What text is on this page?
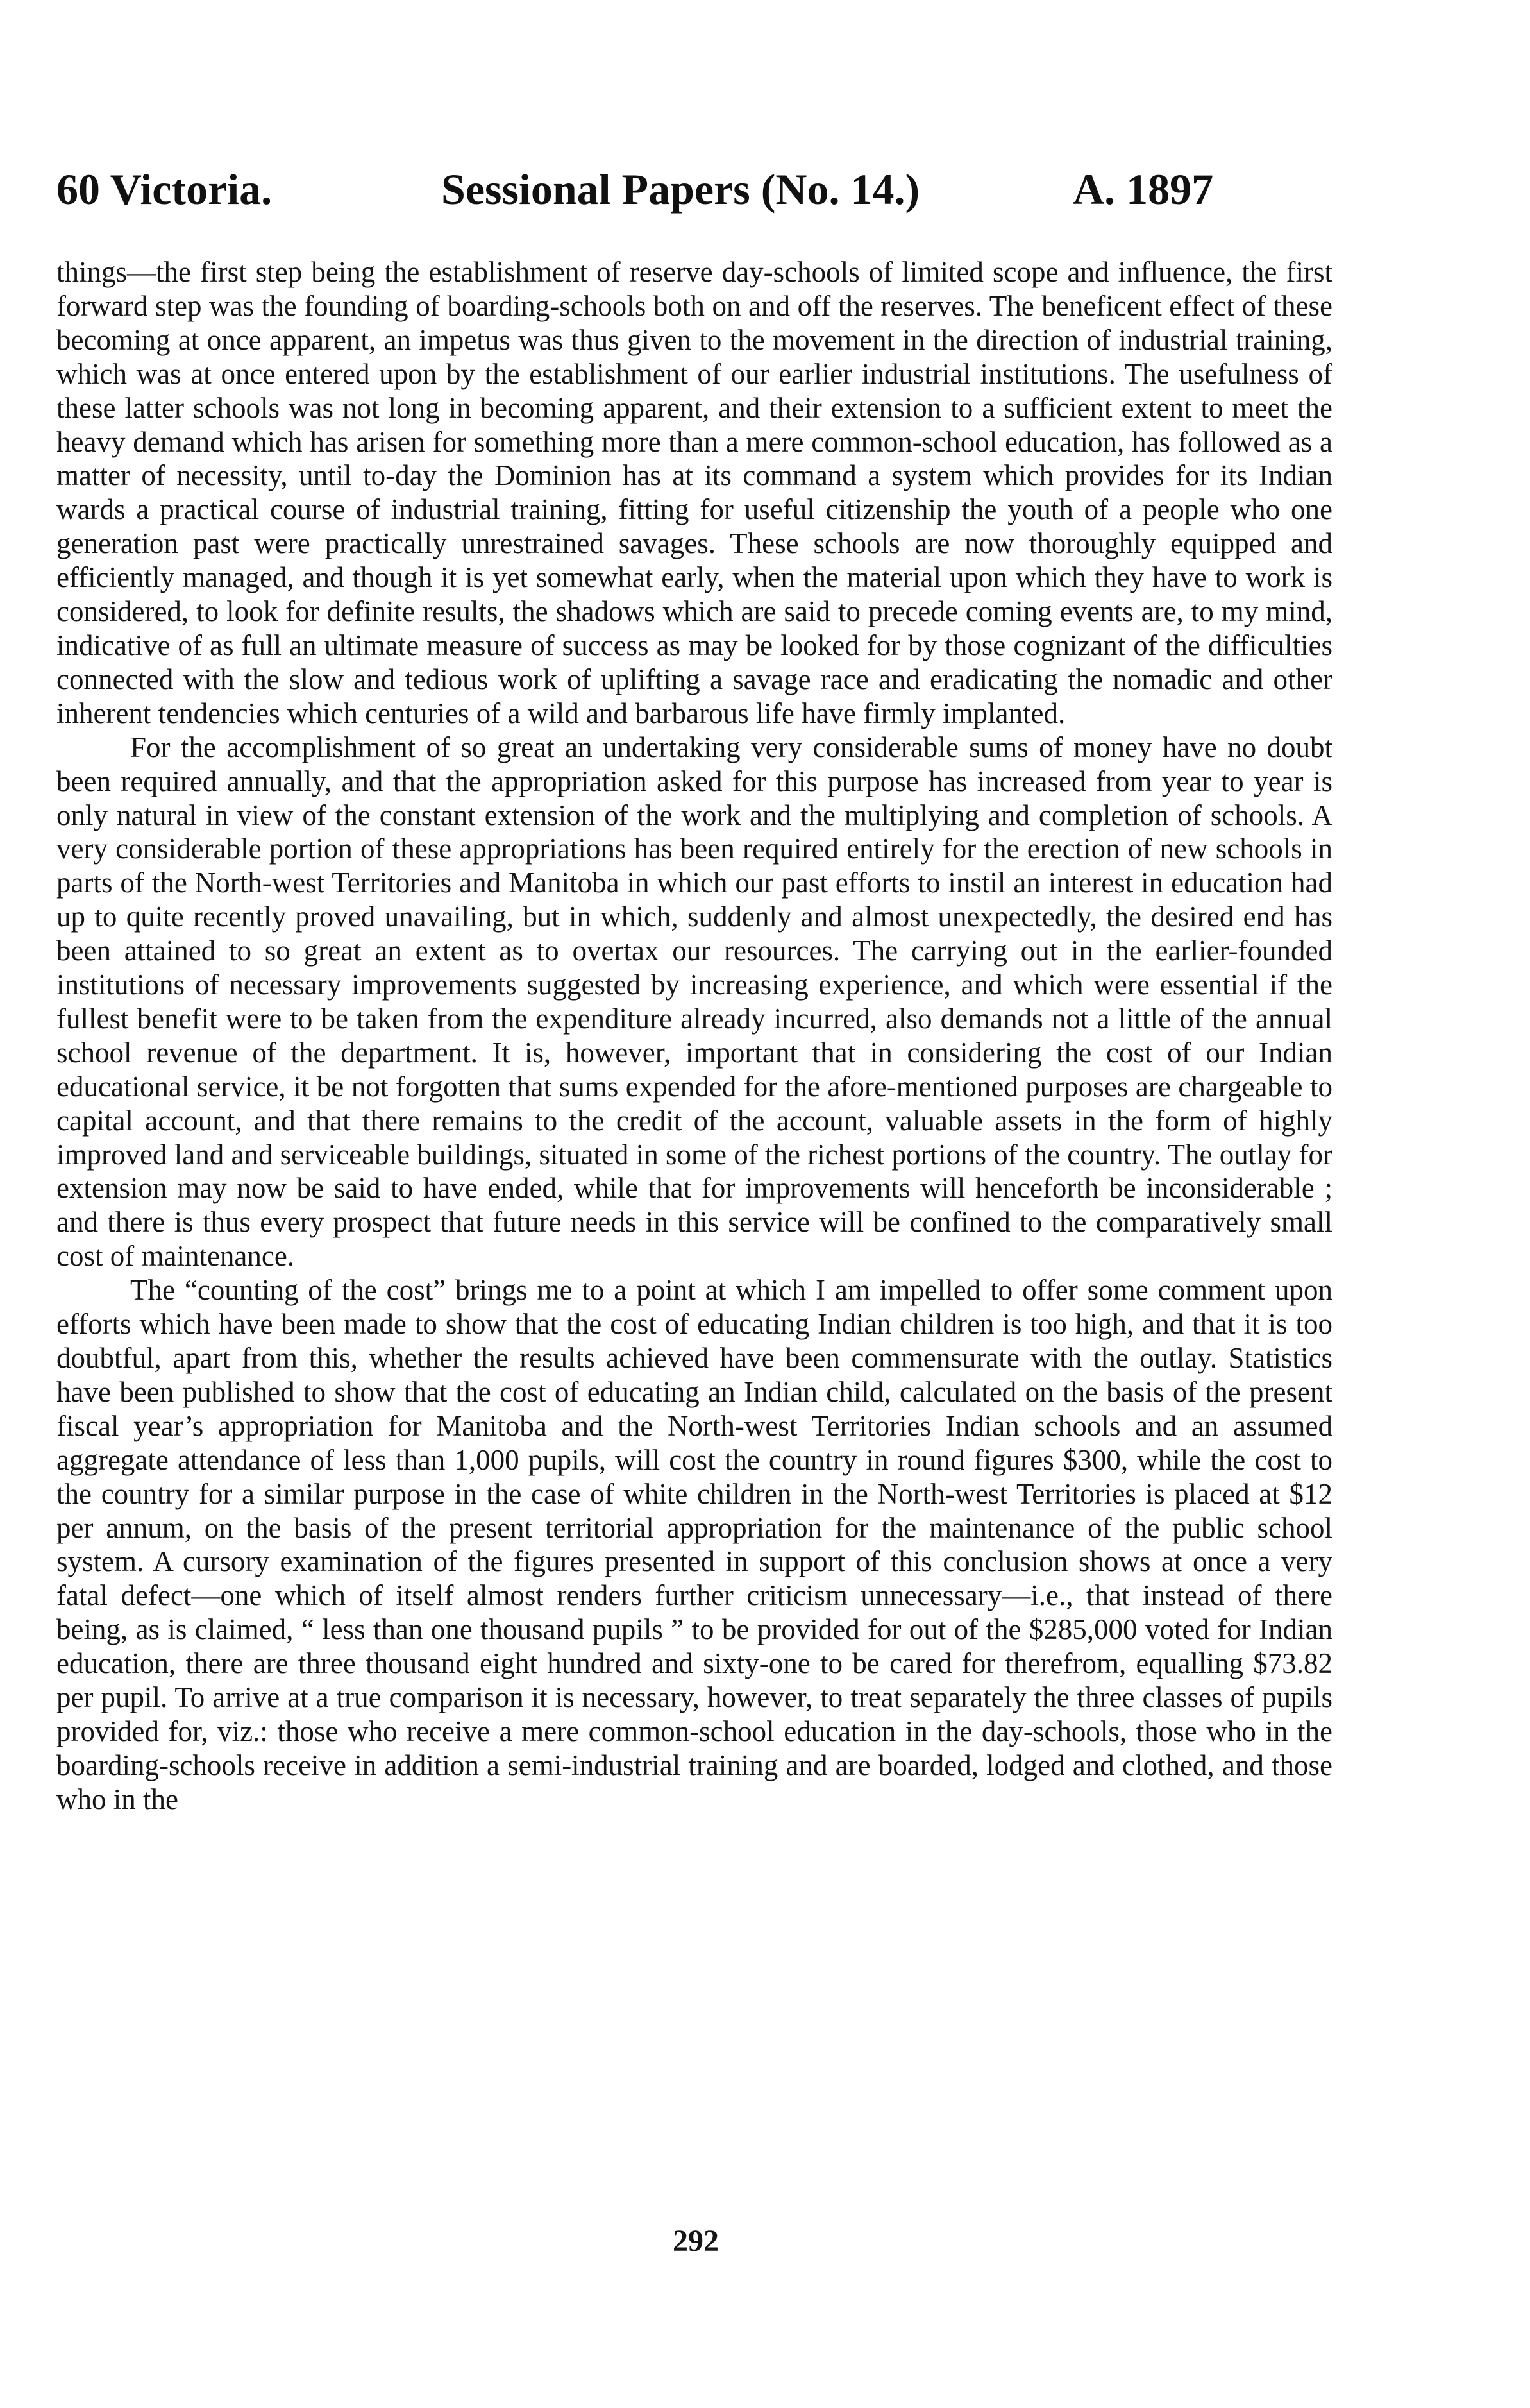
60 Victoria.	Sessional Papers (No. 14.)	A. 1897

things—the first step being the establishment of reserve day-schools of limited scope and influence, the first forward step was the founding of boarding-schools both on and off the reserves. The beneficent effect of these becoming at once apparent, an impetus was thus given to the movement in the direction of industrial training, which was at once entered upon by the establishment of our earlier industrial institutions. The usefulness of these latter schools was not long in becoming apparent, and their extension to a sufficient extent to meet the heavy demand which has arisen for something more than a mere common-school education, has followed as a matter of necessity, until to-day the Dominion has at its command a system which provides for its Indian wards a practical course of industrial training, fitting for useful citizenship the youth of a people who one generation past were practically unrestrained savages. These schools are now thoroughly equipped and efficiently managed, and though it is yet somewhat early, when the material upon which they have to work is considered, to look for definite results, the shadows which are said to precede coming events are, to my mind, indicative of as full an ultimate measure of success as may be looked for by those cognizant of the difficulties connected with the slow and tedious work of uplifting a savage race and eradicating the nomadic and other inherent tendencies which centuries of a wild and barbarous life have firmly implanted.

For the accomplishment of so great an undertaking very considerable sums of money have no doubt been required annually, and that the appropriation asked for this purpose has increased from year to year is only natural in view of the constant extension of the work and the multiplying and completion of schools. A very considerable portion of these appropriations has been required entirely for the erection of new schools in parts of the North-west Territories and Manitoba in which our past efforts to instil an interest in education had up to quite recently proved unavailing, but in which, suddenly and almost unexpectedly, the desired end has been attained to so great an extent as to overtax our resources. The carrying out in the earlier-founded institutions of necessary improvements suggested by increasing experience, and which were essential if the fullest benefit were to be taken from the expenditure already incurred, also demands not a little of the annual school revenue of the department. It is, however, important that in considering the cost of our Indian educational service, it be not forgotten that sums expended for the afore-mentioned purposes are chargeable to capital account, and that there remains to the credit of the account, valuable assets in the form of highly improved land and serviceable buildings, situated in some of the richest portions of the country. The outlay for extension may now be said to have ended, while that for improvements will henceforth be inconsiderable ; and there is thus every prospect that future needs in this service will be confined to the comparatively small cost of maintenance.

The “counting of the cost” brings me to a point at which I am impelled to offer some comment upon efforts which have been made to show that the cost of educating Indian children is too high, and that it is too doubtful, apart from this, whether the results achieved have been commensurate with the outlay. Statistics have been published to show that the cost of educating an Indian child, calculated on the basis of the present fiscal year’s appropriation for Manitoba and the North-west Territories Indian schools and an assumed aggregate attendance of less than 1,000 pupils, will cost the country in round figures $300, while the cost to the country for a similar purpose in the case of white children in the North-west Territories is placed at $12 per annum, on the basis of the present territorial appropriation for the maintenance of the public school system. A cursory examination of the figures presented in support of this conclusion shows at once a very fatal defect—one which of itself almost renders further criticism unnecessary—i.e., that instead of there being, as is claimed, “ less than one thousand pupils ” to be provided for out of the $285,000 voted for Indian education, there are three thousand eight hundred and sixty-one to be cared for therefrom, equalling $73.82 per pupil. To arrive at a true comparison it is necessary, however, to treat separately the three classes of pupils provided for, viz.: those who receive a mere common-school education in the day-schools, those who in the boarding-schools receive in addition a semi-industrial training and are boarded, lodged and clothed, and those who in the

292
